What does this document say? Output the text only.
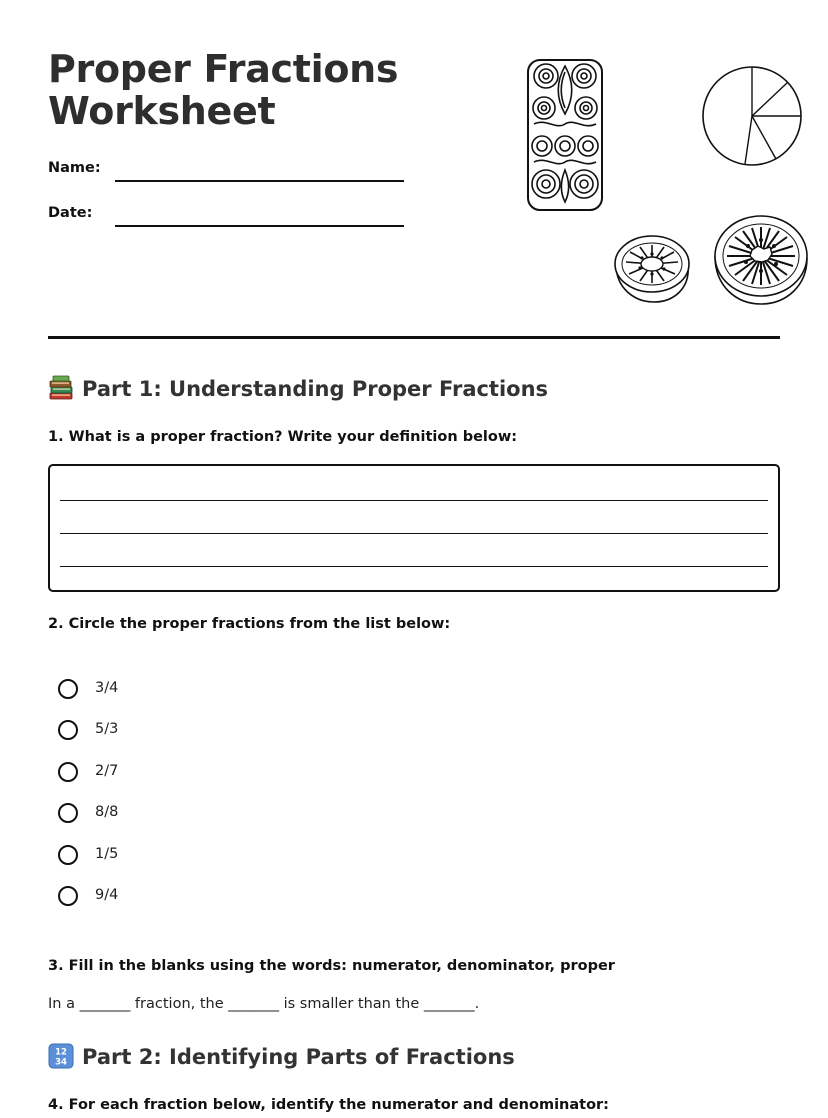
Proper Fractions
Worksheet
Name:
Date:
Part 1: Understanding Proper Fractions

1. What is a proper fraction? Write your definition below:

2. Circle the proper fractions from the list below:

3/4
5/3
2/7
8/8
1/5
9/4

3. Fill in the blanks using the words: numerator, denominator, proper

In a _______ fraction, the _______ is smaller than the _______.

12
34 Part 2: Identifying Parts of Fractions

4. For each fraction below, identify the numerator and denominator:
